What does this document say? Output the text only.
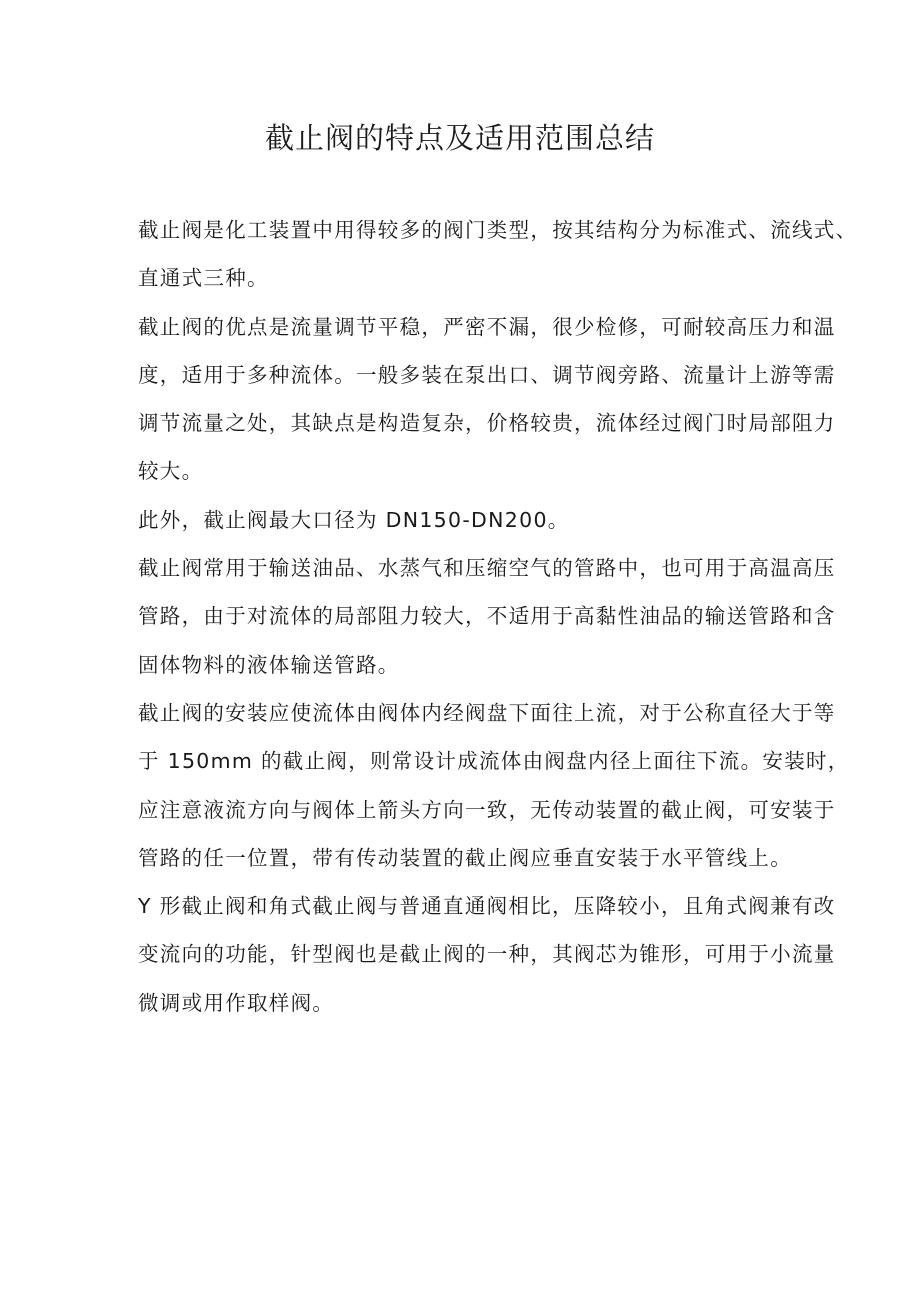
截止阀的特点及适用范围总结
截止阀是化工装置中用得较多的阀门类型，按其结构分为标准式、流线式、
直通式三种。
截止阀的优点是流量调节平稳，严密不漏，很少检修，可耐较高压力和温
度，适用于多种流体。一般多装在泵出口、调节阀旁路、流量计上游等需
调节流量之处，其缺点是构造复杂，价格较贵，流体经过阀门时局部阻力
较大。
此外，截止阀最大口径为 DN150-DN200。
截止阀常用于输送油品、水蒸气和压缩空气的管路中，也可用于高温高压
管路，由于对流体的局部阻力较大，不适用于高黏性油品的输送管路和含
固体物料的液体输送管路。
截止阀的安装应使流体由阀体内经阀盘下面往上流，对于公称直径大于等
于 150mm 的截止阀，则常设计成流体由阀盘内径上面往下流。安装时，
应注意液流方向与阀体上箭头方向一致，无传动装置的截止阀，可安装于
管路的任一位置，带有传动装置的截止阀应垂直安装于水平管线上。
Y 形截止阀和角式截止阀与普通直通阀相比，压降较小，且角式阀兼有改
变流向的功能，针型阀也是截止阀的一种，其阀芯为锥形，可用于小流量
微调或用作取样阀。
